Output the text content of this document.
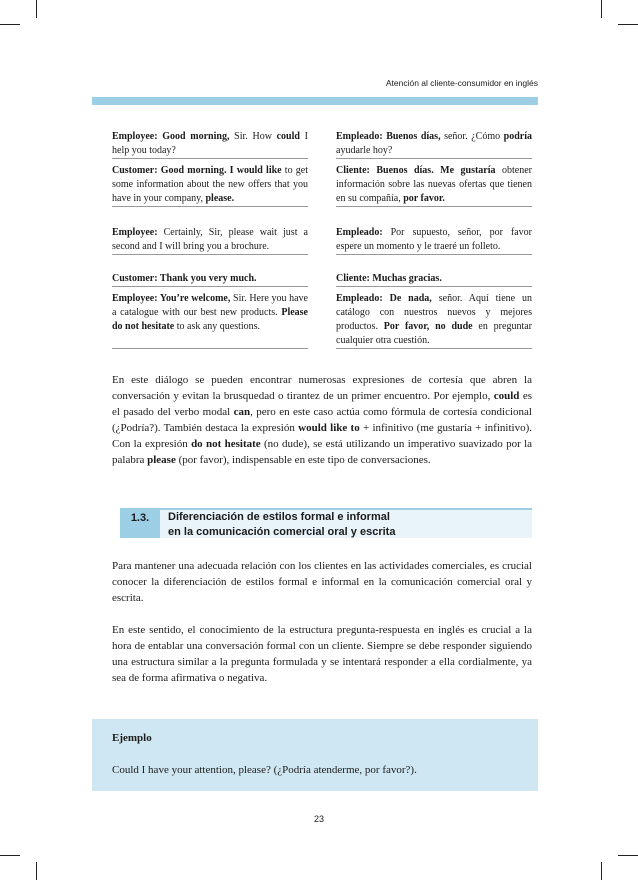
Atención al cliente-consumidor en inglés
Employee: Good morning, Sir. How could I help you today?
Empleado: Buenos días, señor. ¿Cómo podría ayudarle hoy?
Customer: Good morning. I would like to get some information about the new offers that you have in your company, please.
Cliente: Buenos días. Me gustaría obtener información sobre las nuevas ofertas que tienen en su compañía, por favor.
Employee: Certainly, Sir, please wait just a second and I will bring you a brochure.
Empleado: Por supuesto, señor, por favor espere un momento y le traeré un folleto.
Customer: Thank you very much.	Cliente: Muchas gracias.
Employee: You’re welcome, Sir. Here you have a catalogue with our best new products. Please do not hesitate to ask any questions.
Empleado: De nada, señor. Aquí tiene un catálogo con nuestros nuevos y mejores productos. Por favor, no dude en preguntar cualquier otra cuestión.

En este diálogo se pueden encontrar numerosas expresiones de cortesía que abren la conversación y evitan la brusquedad o tirantez de un primer encuentro. Por ejemplo, could es el pasado del verbo modal can, pero en este caso actúa como fórmula de cortesía condicional (¿Podría?). También destaca la expresión would like to + infinitivo (me gustaría + infinitivo). Con la expresión do not hesitate (no dude), se está utilizando un imperativo suavizado por la palabra please (por favor), indispensable en este tipo de conversaciones.

1.3.	Diferenciación de estilos formal e informal
en la comunicación comercial oral y escrita

Para mantener una adecuada relación con los clientes en las actividades comerciales, es crucial conocer la diferenciación de estilos formal e informal en la comunicación comercial oral y escrita.

En este sentido, el conocimiento de la estructura pregunta-respuesta en inglés es crucial a la hora de entablar una conversación formal con un cliente. Siempre se debe responder siguiendo una estructura similar a la pregunta formulada y se intentará responder a ella cordialmente, ya sea de forma afirmativa o negativa.

Ejemplo
Could I have your attention, please? (¿Podría atenderme, por favor?).
23
